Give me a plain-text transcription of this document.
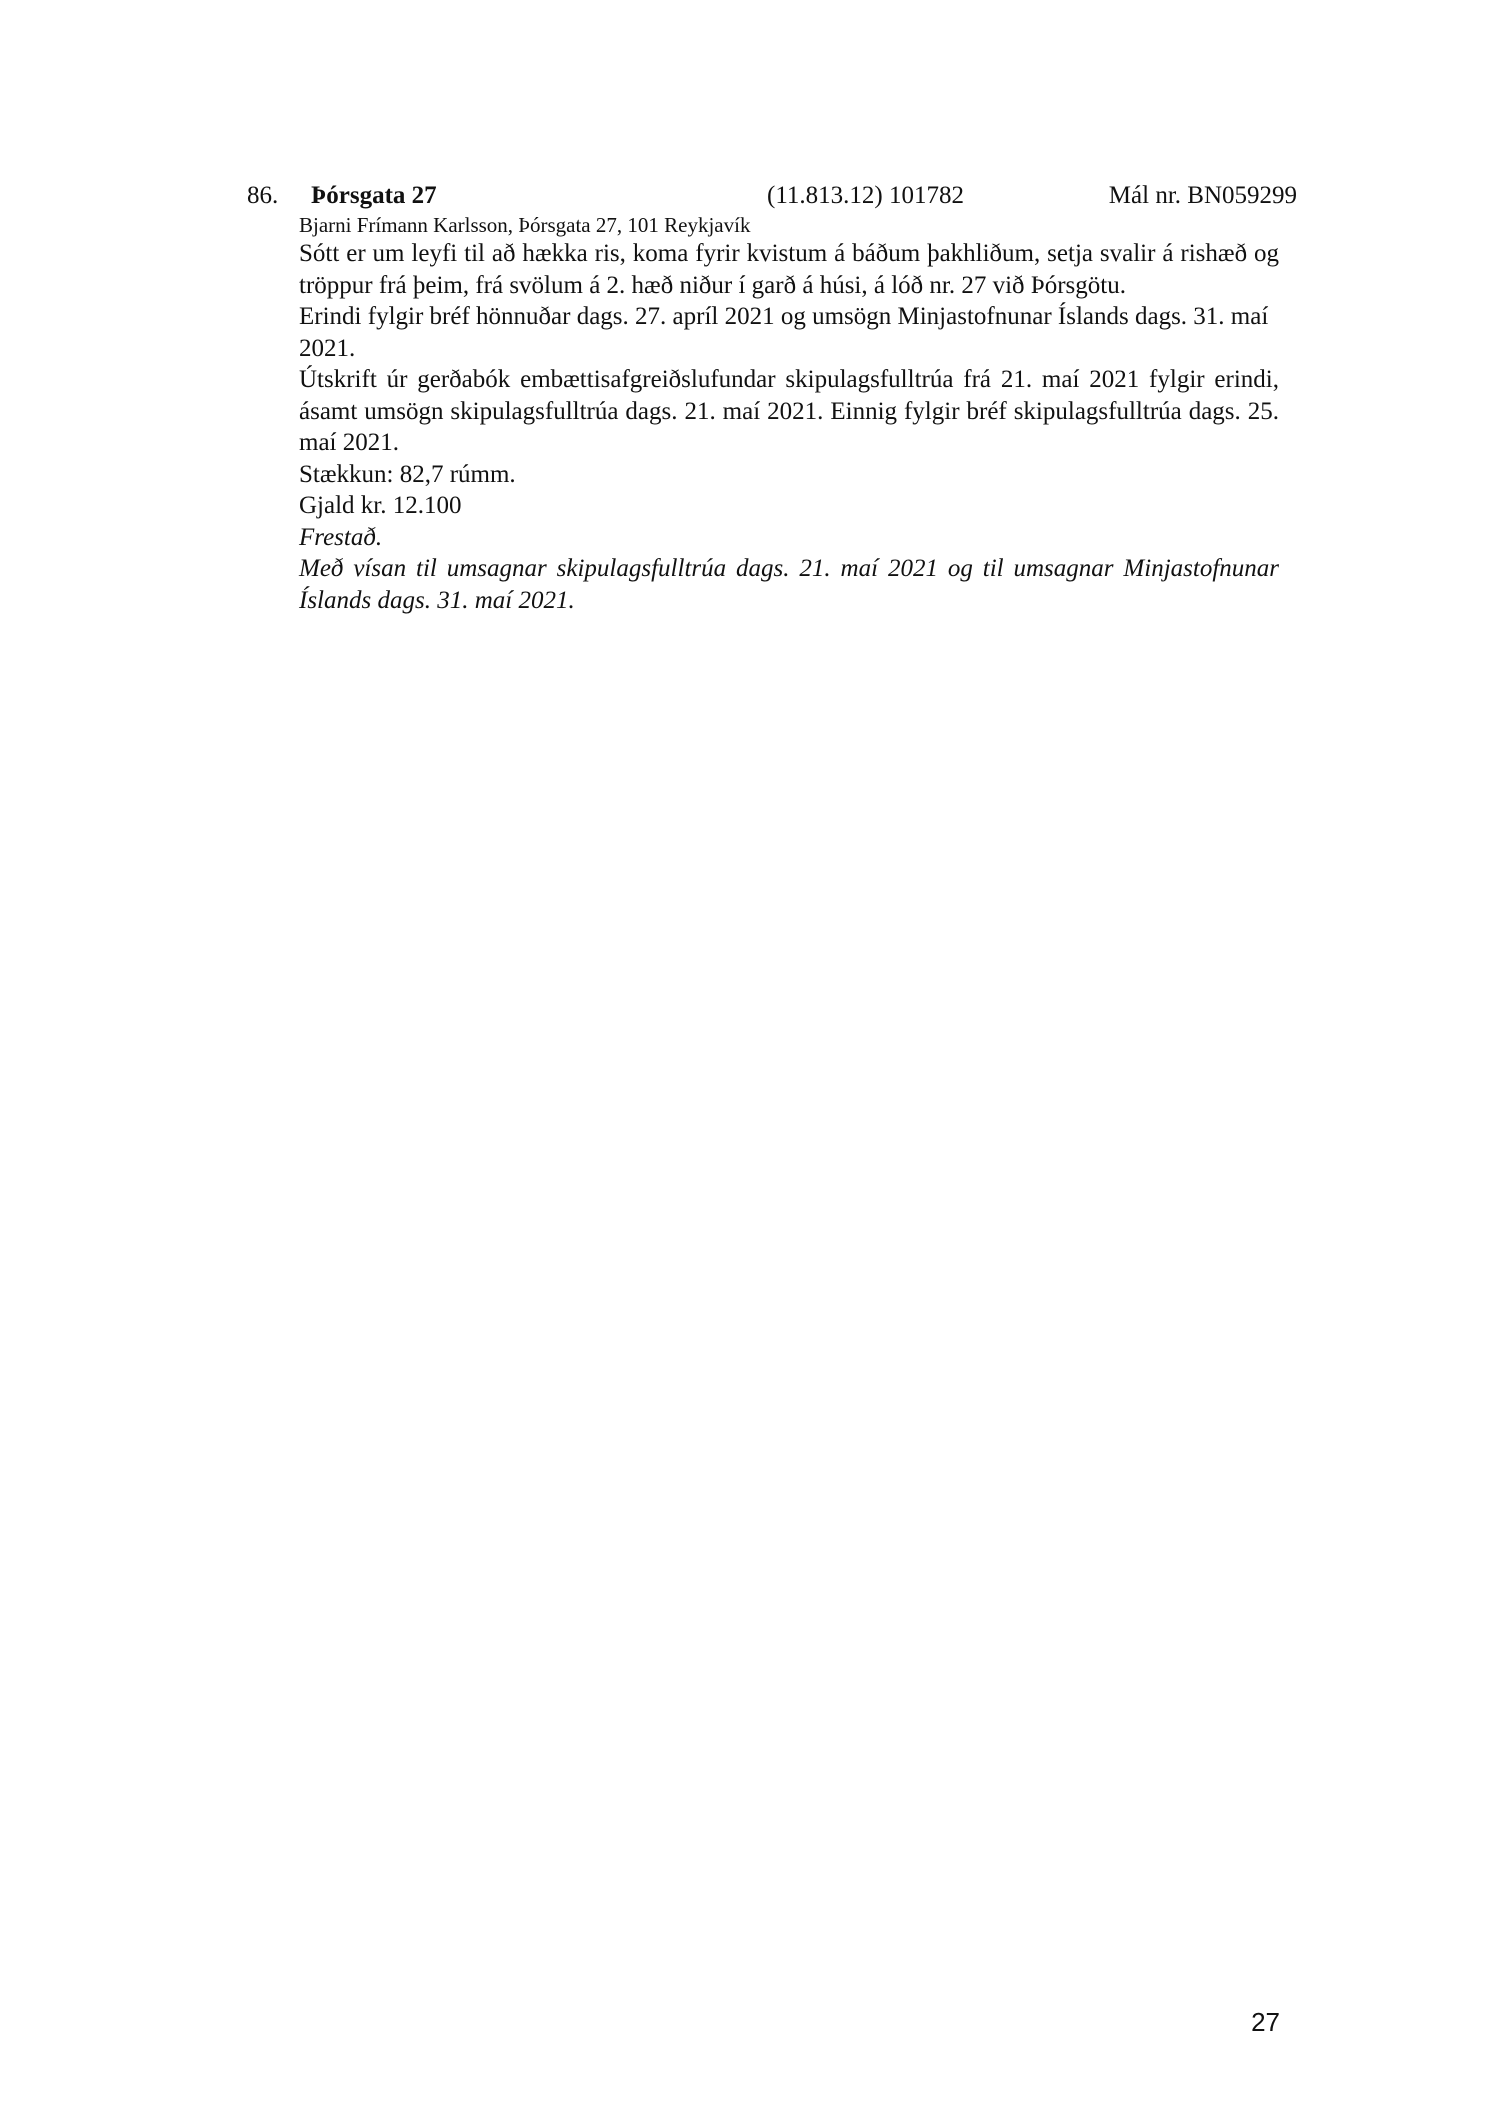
86. Þórsgata 27	(11.813.12) 101782	Mál nr. BN059299
Bjarni Frímann Karlsson, Þórsgata 27, 101 Reykjavík

Sótt er um leyfi til að hækka ris, koma fyrir kvistum á báðum þakhliðum, setja svalir á rishæð og tröppur frá þeim, frá svölum á 2. hæð niður í garð á húsi, á lóð nr. 27 við Þórsgötu.

Erindi fylgir bréf hönnuðar dags. 27. apríl 2021 og umsögn Minjastofnunar Íslands dags. 31. maí 2021.

Útskrift úr gerðabók embættisafgreiðslufundar skipulagsfulltrúa frá 21. maí 2021 fylgir erindi, ásamt umsögn skipulagsfulltrúa dags. 21. maí 2021. Einnig fylgir bréf skipulagsfulltrúa dags. 25. maí 2021.

Stækkun: 82,7 rúmm.

Gjald kr. 12.100

Frestað.

Með vísan til umsagnar skipulagsfulltrúa dags. 21. maí 2021 og til umsagnar Minjastofnunar Íslands dags. 31. maí 2021.

27
